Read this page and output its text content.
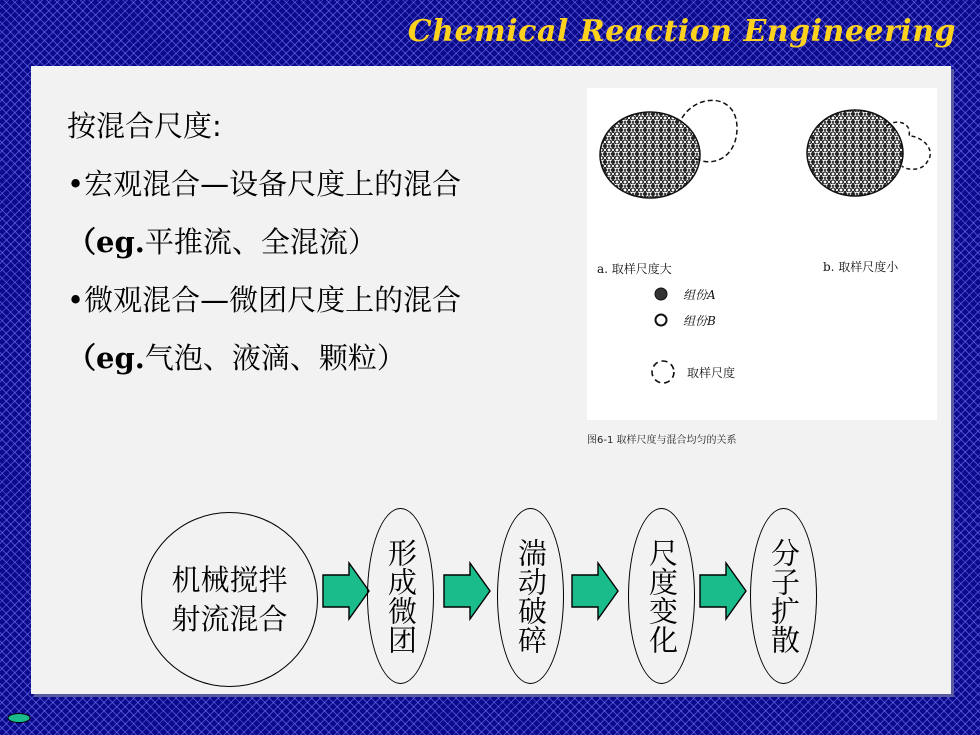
Chemical Reaction Engineering
按混合尺度:
•宏观混合—设备尺度上的混合
（eg.平推流、全混流）
•微观混合—微团尺度上的混合
（eg.气泡、液滴、颗粒）
a. 取样尺度大	b. 取样尺度小
组份A
组份B
取样尺度
图6-1 取样尺度与混合均匀的关系
机械搅拌
射流混合	形成微团	湍动破碎	尺度变化	分子扩散
